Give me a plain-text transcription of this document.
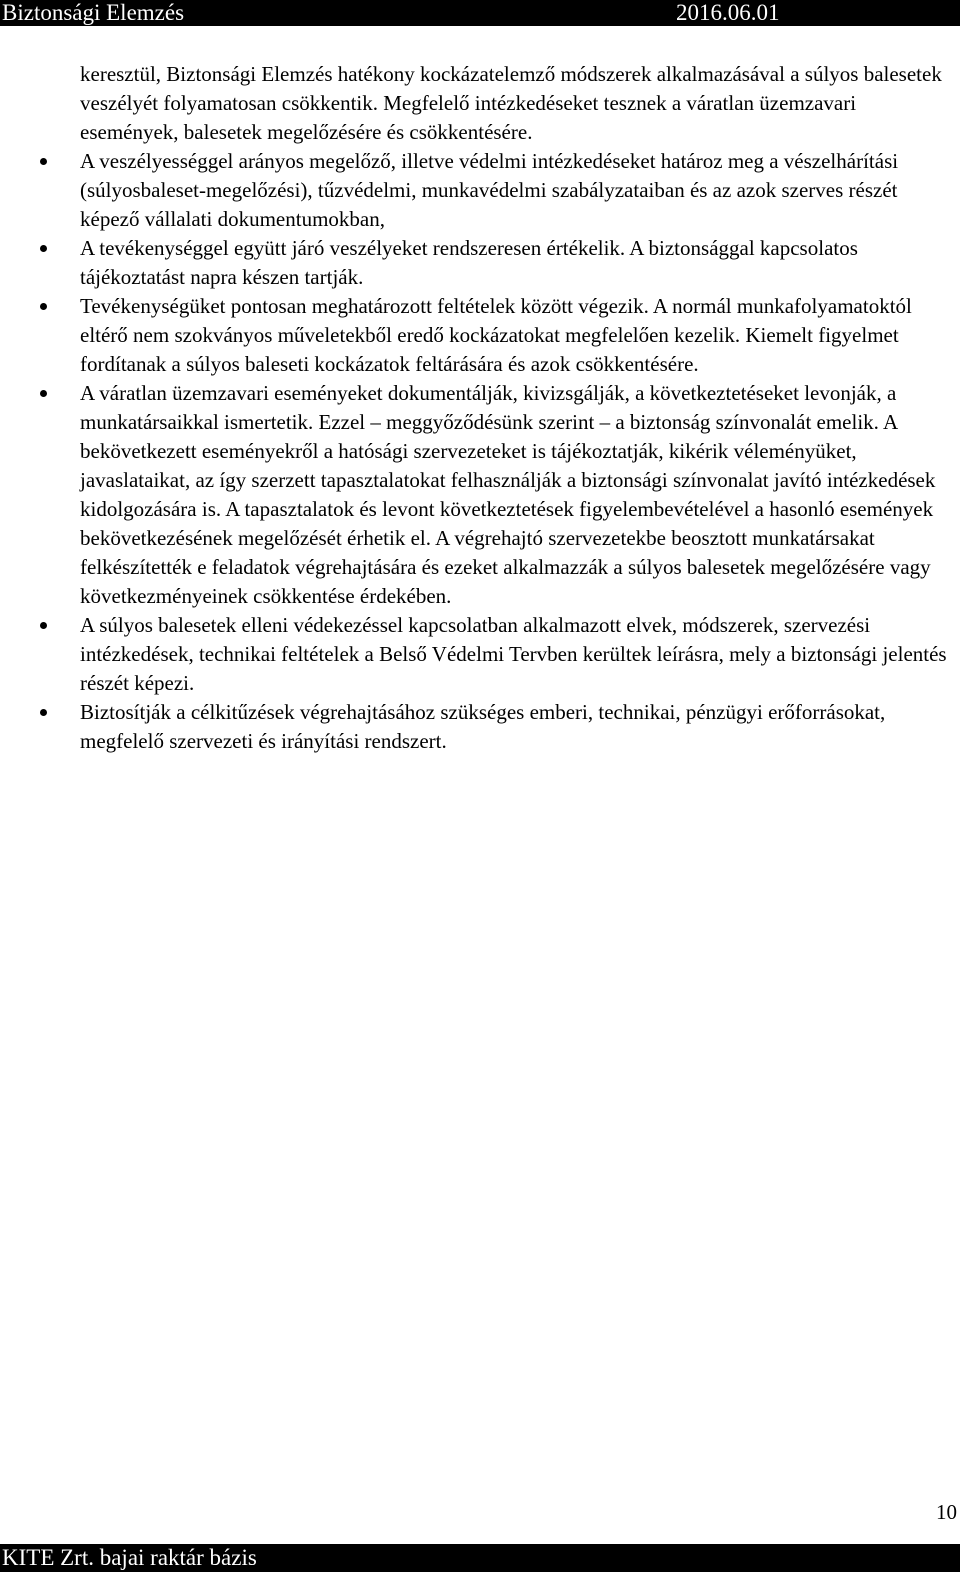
Biztonsági Elemzés	2016.06.01

keresztül, Biztonsági Elemzés hatékony kockázatelemző módszerek alkalmazásával a súlyos balesetek veszélyét folyamatosan csökkentik. Megfelelő intézkedéseket tesznek a váratlan üzemzavari események, balesetek megelőzésére és csökkentésére.

A veszélyességgel arányos megelőző, illetve védelmi intézkedéseket határoz meg a vészelhárítási (súlyosbaleset-megelőzési), tűzvédelmi, munkavédelmi szabályzataiban és az azok szerves részét képező vállalati dokumentumokban,
A tevékenységgel együtt járó veszélyeket rendszeresen értékelik. A biztonsággal kapcsolatos tájékoztatást napra készen tartják.
Tevékenységüket pontosan meghatározott feltételek között végezik. A normál munkafolyamatoktól eltérő nem szokványos műveletekből eredő kockázatokat megfelelően kezelik. Kiemelt figyelmet fordítanak a súlyos baleseti kockázatok feltárására és azok csökkentésére.
A váratlan üzemzavari eseményeket dokumentálják, kivizsgálják, a következtetéseket levonják, a munkatársaikkal ismertetik. Ezzel – meggyőződésünk szerint – a biztonság színvonalát emelik. A bekövetkezett eseményekről a hatósági szervezeteket is tájékoztatják, kikérik véleményüket, javaslataikat, az így szerzett tapasztalatokat felhasználják a biztonsági színvonalat javító intézkedések kidolgozására is. A tapasztalatok és levont következtetések figyelembevételével a hasonló események bekövetkezésének megelőzését érhetik el. A végrehajtó szervezetekbe beosztott munkatársakat felkészítették e feladatok végrehajtására és ezeket alkalmazzák a súlyos balesetek megelőzésére vagy következményeinek csökkentése érdekében.
A súlyos balesetek elleni védekezéssel kapcsolatban alkalmazott elvek, módszerek, szervezési intézkedések, technikai feltételek a Belső Védelmi Tervben kerültek leírásra, mely a biztonsági jelentés részét képezi.
Biztosítják a célkitűzések végrehajtásához szükséges emberi, technikai, pénzügyi erőforrásokat, megfelelő szervezeti és irányítási rendszert.
10
KITE Zrt. bajai raktár bázis
